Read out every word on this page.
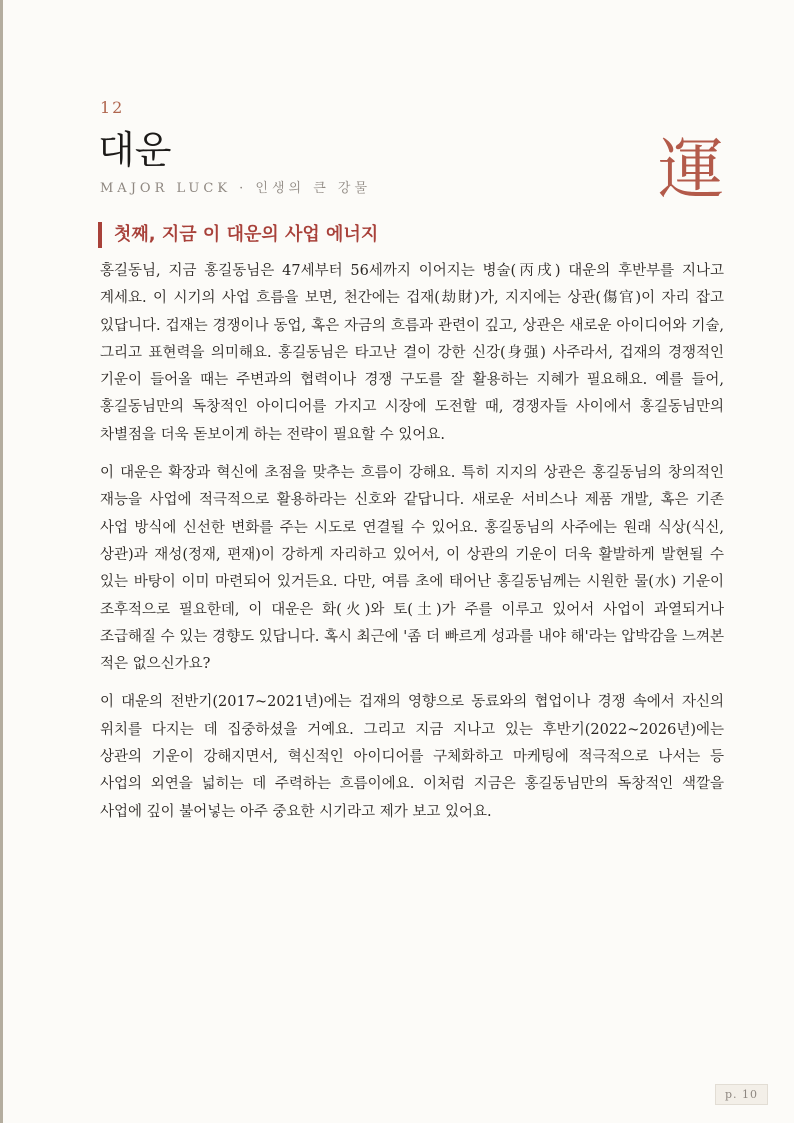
12
대운
MAJOR LUCK · 인생의 큰 강물	運
첫째, 지금 이 대운의 사업 에너지

홍길동님, 지금 홍길동님은 47세부터 56세까지 이어지는 병술(丙戌) 대운의 후반부를 지나고 계세요. 이 시기의 사업 흐름을 보면, 천간에는 겁재(劫財)가, 지지에는 상관(傷官)이 자리 잡고 있답니다. 겁재는 경쟁이나 동업, 혹은 자금의 흐름과 관련이 깊고, 상관은 새로운 아이디어와 기술, 그리고 표현력을 의미해요. 홍길동님은 타고난 결이 강한 신강(身强) 사주라서, 겁재의 경쟁적인 기운이 들어올 때는 주변과의 협력이나 경쟁 구도를 잘 활용하는 지혜가 필요해요. 예를 들어, 홍길동님만의 독창적인 아이디어를 가지고 시장에 도전할 때, 경쟁자들 사이에서 홍길동님만의 차별점을 더욱 돋보이게 하는 전략이 필요할 수 있어요.

이 대운은 확장과 혁신에 초점을 맞추는 흐름이 강해요. 특히 지지의 상관은 홍길동님의 창의적인 재능을 사업에 적극적으로 활용하라는 신호와 같답니다. 새로운 서비스나 제품 개발, 혹은 기존 사업 방식에 신선한 변화를 주는 시도로 연결될 수 있어요. 홍길동님의 사주에는 원래 식상(식신, 상관)과 재성(정재, 편재)이 강하게 자리하고 있어서, 이 상관의 기운이 더욱 활발하게 발현될 수 있는 바탕이 이미 마련되어 있거든요. 다만, 여름 초에 태어난 홍길동님께는 시원한 물(水) 기운이 조후적으로 필요한데, 이 대운은 화(火)와 토(土)가 주를 이루고 있어서 사업이 과열되거나 조급해질 수 있는 경향도 있답니다. 혹시 최근에 '좀 더 빠르게 성과를 내야 해'라는 압박감을 느껴본 적은 없으신가요?

이 대운의 전반기(2017~2021년)에는 겁재의 영향으로 동료와의 협업이나 경쟁 속에서 자신의 위치를 다지는 데 집중하셨을 거예요. 그리고 지금 지나고 있는 후반기(2022~2026년)에는 상관의 기운이 강해지면서, 혁신적인 아이디어를 구체화하고 마케팅에 적극적으로 나서는 등 사업의 외연을 넓히는 데 주력하는 흐름이에요. 이처럼 지금은 홍길동님만의 독창적인 색깔을 사업에 깊이 불어넣는 아주 중요한 시기라고 제가 보고 있어요.

p. 10
